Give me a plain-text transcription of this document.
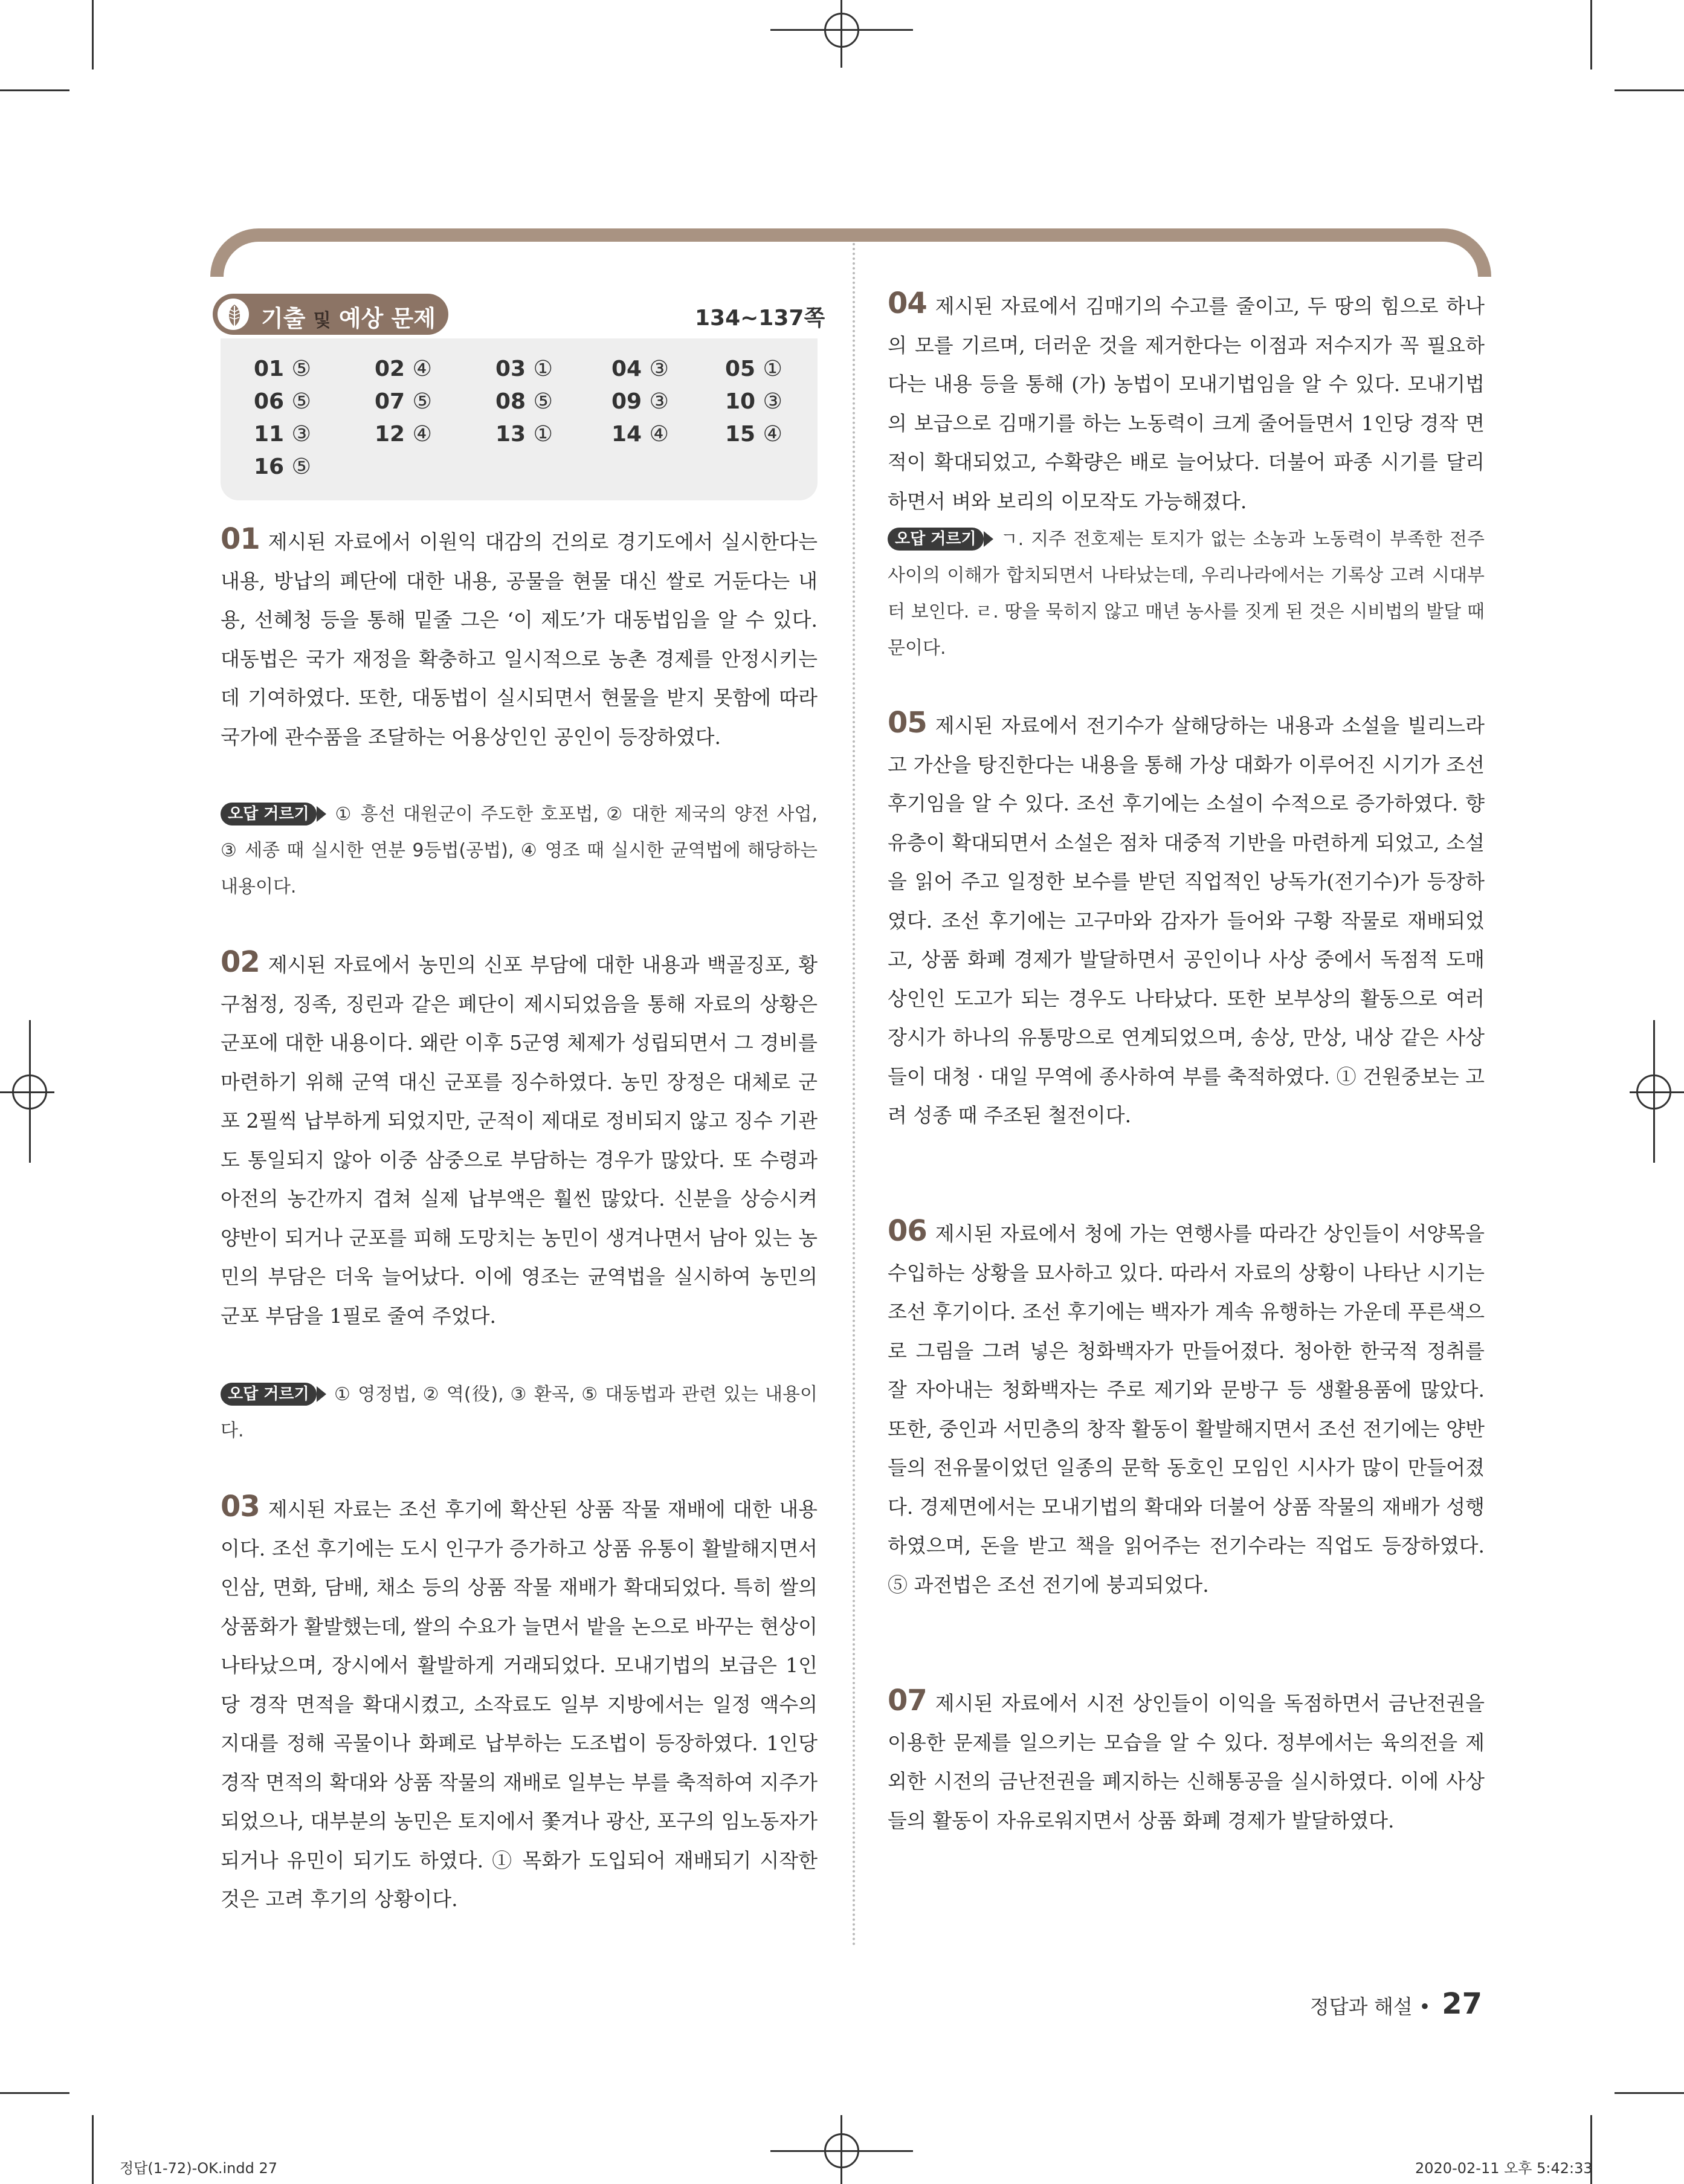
기출 및 예상 문제	134~137쪽
01 ⑤	02 ④	03 ①	04 ③	05 ①
06 ⑤	07 ⑤	08 ⑤	09 ③	10 ③
11 ③	12 ④	13 ①	14 ④	15 ④
16 ⑤
01 제시된 자료에서 이원익 대감의 건의로 경기도에서 실시한다는 내용, 방납의 폐단에 대한 내용, 공물을 현물 대신 쌀로 거둔다는 내용, 선혜청 등을 통해 밑줄 그은 ‘이 제도’가 대동법임을 알 수 있다. 대동법은 국가 재정을 확충하고 일시적으로 농촌 경제를 안정시키는 데 기여하였다. 또한, 대동법이 실시되면서 현물을 받지 못함에 따라 국가에 관수품을 조달하는 어용상인인 공인이 등장하였다.
오답 거르기 ① 흥선 대원군이 주도한 호포법, ② 대한 제국의 양전 사업, ③ 세종 때 실시한 연분 9등법(공법), ④ 영조 때 실시한 균역법에 해당하는 내용이다.
02 제시된 자료에서 농민의 신포 부담에 대한 내용과 백골징포, 황구첨정, 징족, 징린과 같은 폐단이 제시되었음을 통해 자료의 상황은 군포에 대한 내용이다. 왜란 이후 5군영 체제가 성립되면서 그 경비를 마련하기 위해 군역 대신 군포를 징수하였다. 농민 장정은 대체로 군포 2필씩 납부하게 되었지만, 군적이 제대로 정비되지 않고 징수 기관도 통일되지 않아 이중 삼중으로 부담하는 경우가 많았다. 또 수령과 아전의 농간까지 겹쳐 실제 납부액은 훨씬 많았다. 신분을 상승시켜 양반이 되거나 군포를 피해 도망치는 농민이 생겨나면서 남아 있는 농민의 부담은 더욱 늘어났다. 이에 영조는 균역법을 실시하여 농민의 군포 부담을 1필로 줄여 주었다.
오답 거르기 ① 영정법, ② 역(役), ③ 환곡, ⑤ 대동법과 관련 있는 내용이다.
03 제시된 자료는 조선 후기에 확산된 상품 작물 재배에 대한 내용이다. 조선 후기에는 도시 인구가 증가하고 상품 유통이 활발해지면서 인삼, 면화, 담배, 채소 등의 상품 작물 재배가 확대되었다. 특히 쌀의 상품화가 활발했는데, 쌀의 수요가 늘면서 밭을 논으로 바꾸는 현상이 나타났으며, 장시에서 활발하게 거래되었다. 모내기법의 보급은 1인당 경작 면적을 확대시켰고, 소작료도 일부 지방에서는 일정 액수의 지대를 정해 곡물이나 화폐로 납부하는 도조법이 등장하였다. 1인당 경작 면적의 확대와 상품 작물의 재배로 일부는 부를 축적하여 지주가 되었으나, 대부분의 농민은 토지에서 쫓겨나 광산, 포구의 임노동자가 되거나 유민이 되기도 하였다. ① 목화가 도입되어 재배되기 시작한 것은 고려 후기의 상황이다.
04 제시된 자료에서 김매기의 수고를 줄이고, 두 땅의 힘으로 하나의 모를 기르며, 더러운 것을 제거한다는 이점과 저수지가 꼭 필요하다는 내용 등을 통해 (가) 농법이 모내기법임을 알 수 있다. 모내기법의 보급으로 김매기를 하는 노동력이 크게 줄어들면서 1인당 경작 면적이 확대되었고, 수확량은 배로 늘어났다. 더불어 파종 시기를 달리하면서 벼와 보리의 이모작도 가능해졌다.
오답 거르기 ㄱ. 지주 전호제는 토지가 없는 소농과 노동력이 부족한 전주 사이의 이해가 합치되면서 나타났는데, 우리나라에서는 기록상 고려 시대부터 보인다. ㄹ. 땅을 묵히지 않고 매년 농사를 짓게 된 것은 시비법의 발달 때문이다.
05 제시된 자료에서 전기수가 살해당하는 내용과 소설을 빌리느라고 가산을 탕진한다는 내용을 통해 가상 대화가 이루어진 시기가 조선 후기임을 알 수 있다. 조선 후기에는 소설이 수적으로 증가하였다. 향유층이 확대되면서 소설은 점차 대중적 기반을 마련하게 되었고, 소설을 읽어 주고 일정한 보수를 받던 직업적인 낭독가(전기수)가 등장하였다. 조선 후기에는 고구마와 감자가 들어와 구황 작물로 재배되었고, 상품 화폐 경제가 발달하면서 공인이나 사상 중에서 독점적 도매상인인 도고가 되는 경우도 나타났다. 또한 보부상의 활동으로 여러 장시가 하나의 유통망으로 연계되었으며, 송상, 만상, 내상 같은 사상들이 대청 · 대일 무역에 종사하여 부를 축적하였다. ① 건원중보는 고려 성종 때 주조된 철전이다.
06 제시된 자료에서 청에 가는 연행사를 따라간 상인들이 서양목을 수입하는 상황을 묘사하고 있다. 따라서 자료의 상황이 나타난 시기는 조선 후기이다. 조선 후기에는 백자가 계속 유행하는 가운데 푸른색으로 그림을 그려 넣은 청화백자가 만들어졌다. 청아한 한국적 정취를 잘 자아내는 청화백자는 주로 제기와 문방구 등 생활용품에 많았다. 또한, 중인과 서민층의 창작 활동이 활발해지면서 조선 전기에는 양반들의 전유물이었던 일종의 문학 동호인 모임인 시사가 많이 만들어졌다. 경제면에서는 모내기법의 확대와 더불어 상품 작물의 재배가 성행하였으며, 돈을 받고 책을 읽어주는 전기수라는 직업도 등장하였다. ⑤ 과전법은 조선 전기에 붕괴되었다.
07 제시된 자료에서 시전 상인들이 이익을 독점하면서 금난전권을 이용한 문제를 일으키는 모습을 알 수 있다. 정부에서는 육의전을 제외한 시전의 금난전권을 폐지하는 신해통공을 실시하였다. 이에 사상들의 활동이 자유로워지면서 상품 화폐 경제가 발달하였다.
정답과 해설 • 27
정답(1-72)-OK.indd 27	2020-02-11 오후 5:42:33
